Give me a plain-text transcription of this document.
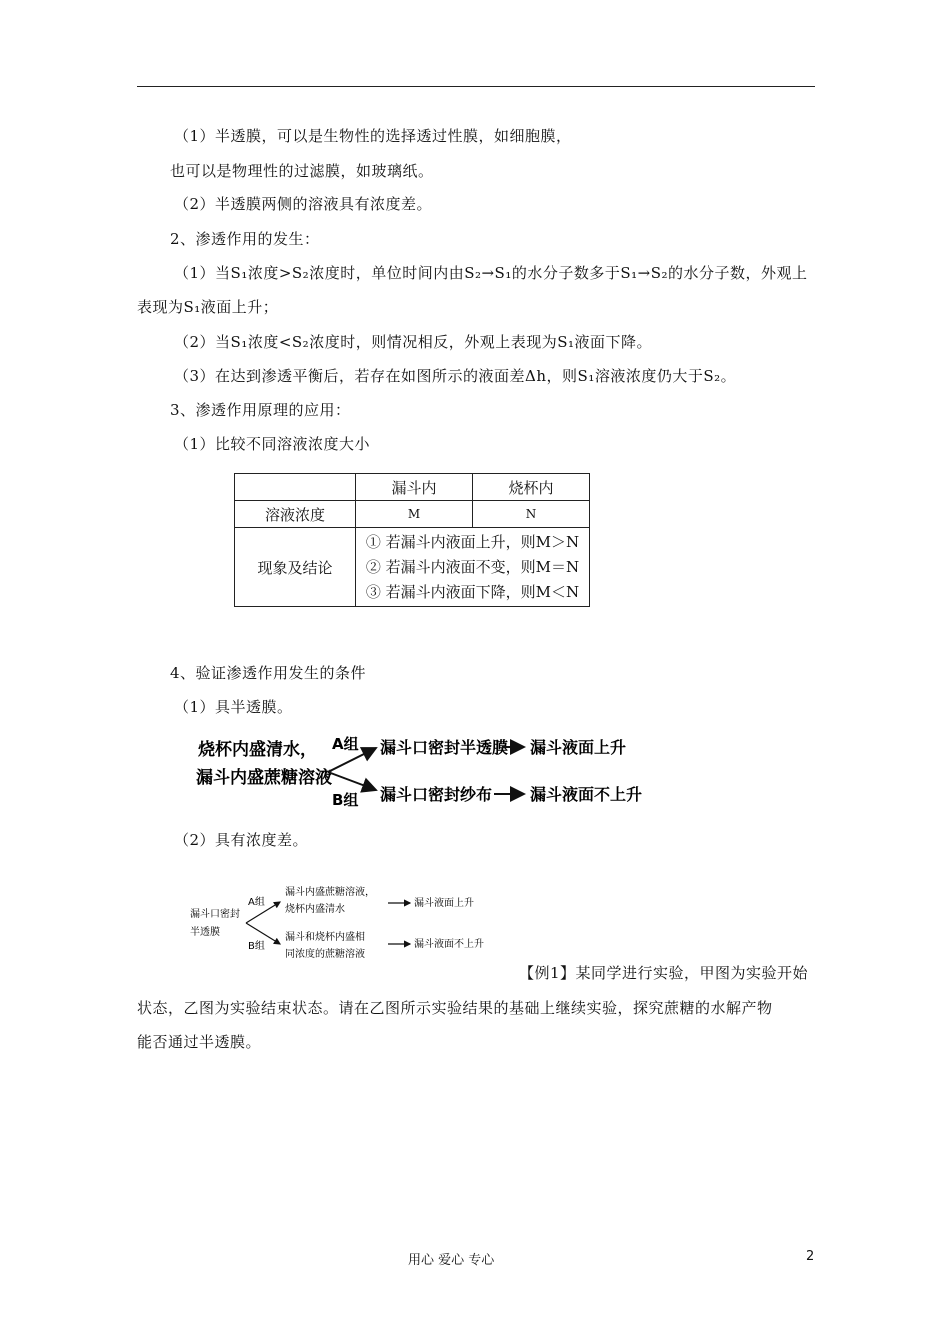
（1）半透膜，可以是生物性的选择透过性膜，如细胞膜，
也可以是物理性的过滤膜，如玻璃纸。
（2）半透膜两侧的溶液具有浓度差。
2、渗透作用的发生：
（1）当S₁浓度>S₂浓度时，单位时间内由S₂→S₁的水分子数多于S₁→S₂的水分子数，外观上
表现为S₁液面上升；
（2）当S₁浓度<S₂浓度时，则情况相反，外观上表现为S₁液面下降。
（3）在达到渗透平衡后，若存在如图所示的液面差Δh，则S₁溶液浓度仍大于S₂。
3、渗透作用原理的应用：
（1）比较不同溶液浓度大小
	漏斗内	烧杯内
溶液浓度	M	N
现象及结论	① 若漏斗内液面上升，则M＞N
② 若漏斗内液面不变，则M＝N
③ 若漏斗内液面下降，则M＜N	
4、验证渗透作用发生的条件
（1）具半透膜。
烧杯内盛清水，
漏斗内盛蔗糖溶液
A组
B组
漏斗口密封半透膜 漏斗液面上升
漏斗口密封纱布 漏斗液面不上升
（2）具有浓度差。
漏斗口密封
半透膜
A组
B组
漏斗内盛蔗糖溶液，
烧杯内盛清水
漏斗液面上升
漏斗和烧杯内盛相
同浓度的蔗糖溶液
漏斗液面不上升
【例1】某同学进行实验，甲图为实验开始
状态，乙图为实验结束状态。请在乙图所示实验结果的基础上继续实验，探究蔗糖的水解产物
能否通过半透膜。
用心 爱心 专心	2
